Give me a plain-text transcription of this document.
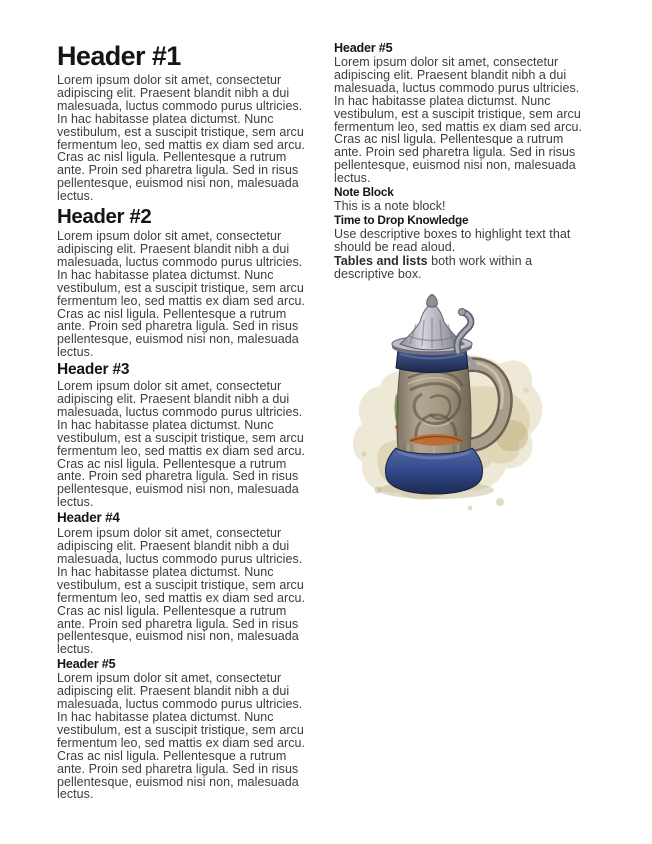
Header #1

Lorem ipsum dolor sit amet, consectetur adipiscing elit. Praesent blandit nibh a dui malesuada, luctus commodo purus ultricies. In hac habitasse platea dictumst. Nunc vestibulum, est a suscipit tristique, sem arcu fermentum leo, sed mattis ex diam sed arcu. Cras ac nisl ligula. Pellentesque a rutrum ante. Proin sed pharetra ligula. Sed in risus pellentesque, euismod nisi non, malesuada lectus.

Header #2

Lorem ipsum dolor sit amet, consectetur adipiscing elit. Praesent blandit nibh a dui malesuada, luctus commodo purus ultricies. In hac habitasse platea dictumst. Nunc vestibulum, est a suscipit tristique, sem arcu fermentum leo, sed mattis ex diam sed arcu. Cras ac nisl ligula. Pellentesque a rutrum ante. Proin sed pharetra ligula. Sed in risus pellentesque, euismod nisi non, malesuada lectus.

Header #3

Lorem ipsum dolor sit amet, consectetur adipiscing elit. Praesent blandit nibh a dui malesuada, luctus commodo purus ultricies. In hac habitasse platea dictumst. Nunc vestibulum, est a suscipit tristique, sem arcu fermentum leo, sed mattis ex diam sed arcu. Cras ac nisl ligula. Pellentesque a rutrum ante. Proin sed pharetra ligula. Sed in risus pellentesque, euismod nisi non, malesuada lectus.

Header #4

Lorem ipsum dolor sit amet, consectetur adipiscing elit. Praesent blandit nibh a dui malesuada, luctus commodo purus ultricies. In hac habitasse platea dictumst. Nunc vestibulum, est a suscipit tristique, sem arcu fermentum leo, sed mattis ex diam sed arcu. Cras ac nisl ligula. Pellentesque a rutrum ante. Proin sed pharetra ligula. Sed in risus pellentesque, euismod nisi non, malesuada lectus.

Header #5

Lorem ipsum dolor sit amet, consectetur adipiscing elit. Praesent blandit nibh a dui malesuada, luctus commodo purus ultricies. In hac habitasse platea dictumst. Nunc vestibulum, est a suscipit tristique, sem arcu fermentum leo, sed mattis ex diam sed arcu. Cras ac nisl ligula. Pellentesque a rutrum ante. Proin sed pharetra ligula. Sed in risus pellentesque, euismod nisi non, malesuada lectus.

Header #5

Lorem ipsum dolor sit amet, consectetur adipiscing elit. Praesent blandit nibh a dui malesuada, luctus commodo purus ultricies. In hac habitasse platea dictumst. Nunc vestibulum, est a suscipit tristique, sem arcu fermentum leo, sed mattis ex diam sed arcu. Cras ac nisl ligula. Pellentesque a rutrum ante. Proin sed pharetra ligula. Sed in risus pellentesque, euismod nisi non, malesuada lectus.

Note Block

This is a note block!

Time to Drop Knowledge

Use descriptive boxes to highlight text that should be read aloud.

Tables and lists both work within a descriptive box.
